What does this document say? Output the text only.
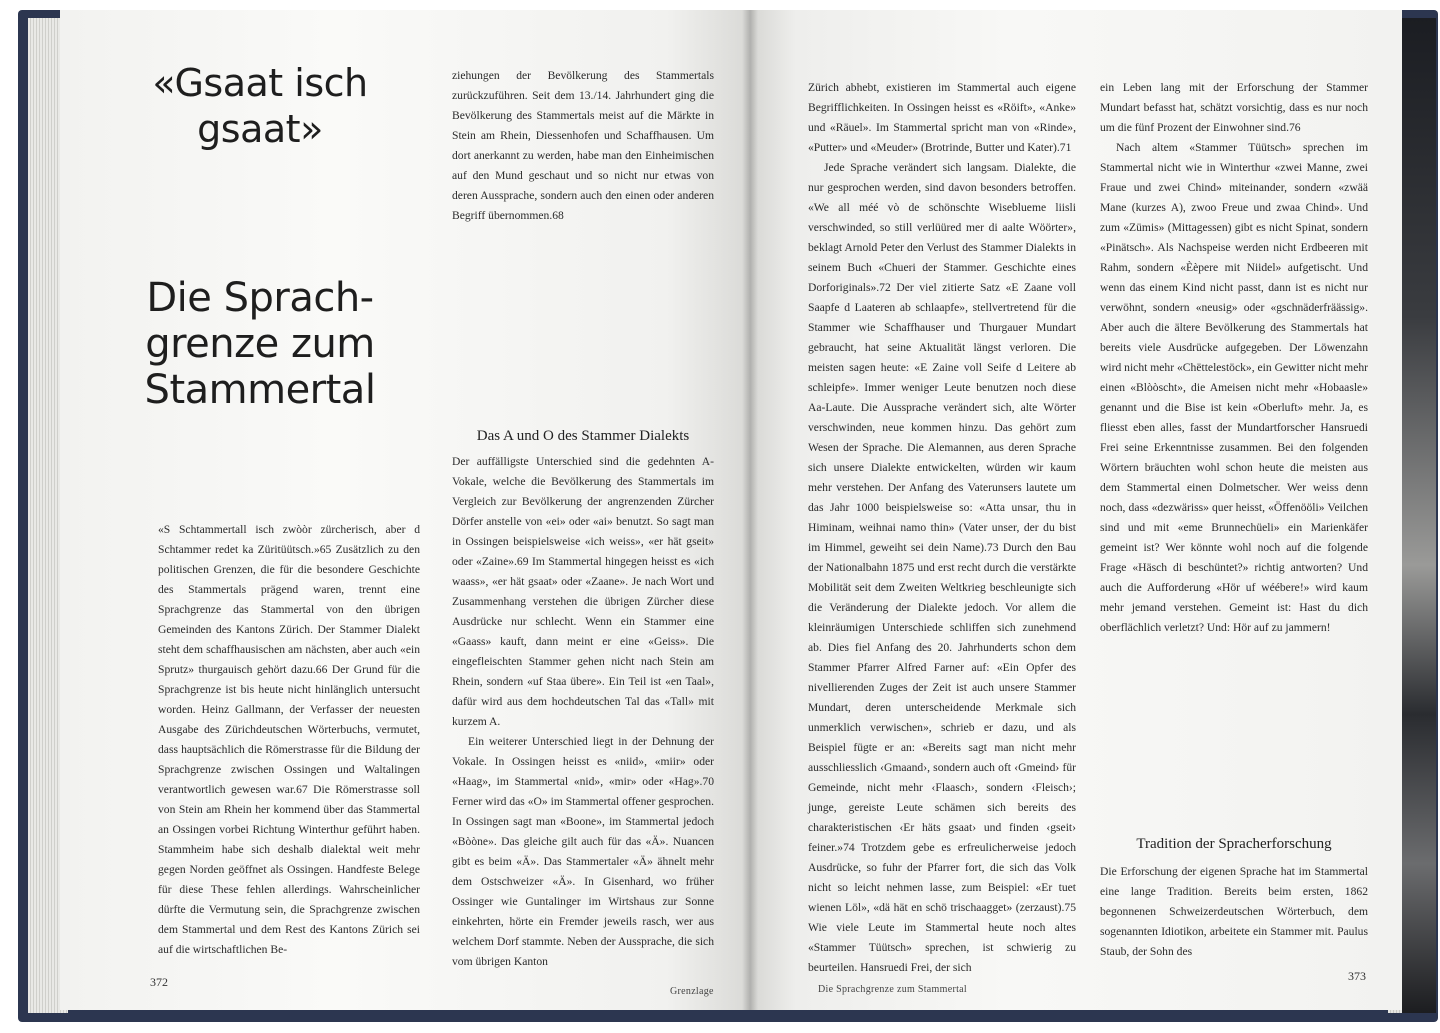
«Gsaat isch gsaat»
Die Sprach-grenze zum Stammertal

«S Schtammertall isch zwòòr zürcherisch, aber d Schtammer redet ka Züritüütsch.»65 Zusätzlich zu den politischen Grenzen, die für die besondere Geschichte des Stammertals prägend waren, trennt eine Sprachgrenze das Stammertal von den übrigen Gemeinden des Kantons Zürich. Der Stammer Dialekt steht dem schaffhausischen am nächsten, aber auch «ein Sprutz» thurgauisch gehört dazu.66 Der Grund für die Sprachgrenze ist bis heute nicht hinlänglich untersucht worden. Heinz Gallmann, der Verfasser der neuesten Ausgabe des Zürichdeutschen Wörterbuchs, vermutet, dass hauptsächlich die Römerstrasse für die Bildung der Sprachgrenze zwischen Ossingen und Waltalingen verantwortlich gewesen war.67 Die Römerstrasse soll von Stein am Rhein her kommend über das Stammertal an Ossingen vorbei Richtung Winterthur geführt haben. Stammheim habe sich deshalb dialektal weit mehr gegen Norden geöffnet als Ossingen. Handfeste Belege für diese These fehlen allerdings. Wahrscheinlicher dürfte die Vermutung sein, die Sprachgrenze zwischen dem Stammertal und dem Rest des Kantons Zürich sei auf die wirtschaftlichen Be-

ziehungen der Bevölkerung des Stammertals zurückzuführen. Seit dem 13./14. Jahrhundert ging die Bevölkerung des Stammertals meist auf die Märkte in Stein am Rhein, Diessenhofen und Schaffhausen. Um dort anerkannt zu werden, habe man den Einheimischen auf den Mund geschaut und so nicht nur etwas von deren Aussprache, sondern auch den einen oder anderen Begriff übernommen.68

Das A und O des Stammer Dialekts

Der auffälligste Unterschied sind die gedehnten A-Vokale, welche die Bevölkerung des Stammertals im Vergleich zur Bevölkerung der angrenzenden Zürcher Dörfer anstelle von «ei» oder «ai» benutzt. So sagt man in Ossingen beispielsweise «ich weiss», «er hät gseit» oder «Zaine».69 Im Stammertal hingegen heisst es «ich waass», «er hät gsaat» oder «Zaane». Je nach Wort und Zusammenhang verstehen die übrigen Zürcher diese Ausdrücke nur schlecht. Wenn ein Stammer eine «Gaass» kauft, dann meint er eine «Geiss». Die eingefleischten Stammer gehen nicht nach Stein am Rhein, sondern «uf Staa übere». Ein Teil ist «en Taal», dafür wird aus dem hochdeutschen Tal das «Tall» mit kurzem A.

Ein weiterer Unterschied liegt in der Dehnung der Vokale. In Ossingen heisst es «niid», «miir» oder «Haag», im Stammertal «nid», «mir» oder «Hag».70 Ferner wird das «O» im Stammertal offener gesprochen. In Ossingen sagt man «Boone», im Stammertal jedoch «Bòòne». Das gleiche gilt auch für das «Ä». Nuancen gibt es beim «Ä». Das Stammertaler «Ä» ähnelt mehr dem Ostschweizer «Ä». In Gisenhard, wo früher Ossinger wie Guntalinger im Wirtshaus zur Sonne einkehrten, hörte ein Fremder jeweils rasch, wer aus welchem Dorf stammte. Neben der Aussprache, die sich vom übrigen Kanton

372
Grenzlage

Zürich abhebt, existieren im Stammertal auch eigene Begrifflichkeiten. In Ossingen heisst es «Röift», «Anke» und «Räuel». Im Stammertal spricht man von «Rinde», «Putter» und «Meuder» (Brotrinde, Butter und Kater).71

Jede Sprache verändert sich langsam. Dialekte, die nur gesprochen werden, sind davon besonders betroffen. «We all méé vò de schönschte Wiseblueme liisli verschwinded, so still verlüüred mer di aalte Wöörter», beklagt Arnold Peter den Verlust des Stammer Dialekts in seinem Buch «Chueri der Stammer. Geschichte eines Dorforiginals».72 Der viel zitierte Satz «E Zaane voll Saapfe d Laateren ab schlaapfe», stellvertretend für die Stammer wie Schaffhauser und Thurgauer Mundart gebraucht, hat seine Aktualität längst verloren. Die meisten sagen heute: «E Zaine voll Seife d Leitere ab schleipfe». Immer weniger Leute benutzen noch diese Aa-Laute. Die Aussprache verändert sich, alte Wörter verschwinden, neue kommen hinzu. Das gehört zum Wesen der Sprache. Die Alemannen, aus deren Sprache sich unsere Dialekte entwickelten, würden wir kaum mehr verstehen. Der Anfang des Vaterunsers lautete um das Jahr 1000 beispielsweise so: «Atta unsar, thu in Himinam, weihnai namo thin» (Vater unser, der du bist im Himmel, geweiht sei dein Name).73 Durch den Bau der Nationalbahn 1875 und erst recht durch die verstärkte Mobilität seit dem Zweiten Weltkrieg beschleunigte sich die Veränderung der Dialekte jedoch. Vor allem die kleinräumigen Unterschiede schliffen sich zunehmend ab. Dies fiel Anfang des 20. Jahrhunderts schon dem Stammer Pfarrer Alfred Farner auf: «Ein Opfer des nivellierenden Zuges der Zeit ist auch unsere Stammer Mundart, deren unterscheidende Merkmale sich unmerklich verwischen», schrieb er dazu, und als Beispiel fügte er an: «Bereits sagt man nicht mehr ausschliesslich ‹Gmaand›, sondern auch oft ‹Gmeind› für Gemeinde, nicht mehr ‹Flaasch›, sondern ‹Fleisch›; junge, gereiste Leute schämen sich bereits des charakteristischen ‹Er häts gsaat› und finden ‹gseit› feiner.»74 Trotzdem gebe es erfreulicherweise jedoch Ausdrücke, so fuhr der Pfarrer fort, die sich das Volk nicht so leicht nehmen lasse, zum Beispiel: «Er tuet wienen Löl», «dä hät en schö trischaagget» (zerzaust).75 Wie viele Leute im Stammertal heute noch altes «Stammer Tüütsch» sprechen, ist schwierig zu beurteilen. Hansruedi Frei, der sich

ein Leben lang mit der Erforschung der Stammer Mundart befasst hat, schätzt vorsichtig, dass es nur noch um die fünf Prozent der Einwohner sind.76

Nach altem «Stammer Tüütsch» sprechen im Stammertal nicht wie in Winterthur «zwei Manne, zwei Fraue und zwei Chind» miteinander, sondern «zwää Mane (kurzes A), zwoo Freue und zwaa Chind». Und zum «Zümis» (Mittagessen) gibt es nicht Spinat, sondern «Pinätsch». Als Nachspeise werden nicht Erdbeeren mit Rahm, sondern «Èèpere mit Niidel» aufgetischt. Und wenn das einem Kind nicht passt, dann ist es nicht nur verwöhnt, sondern «neusig» oder «gschnäderfräässig». Aber auch die ältere Bevölkerung des Stammertals hat bereits viele Ausdrücke aufgegeben. Der Löwenzahn wird nicht mehr «Chëttelestöck», ein Gewitter nicht mehr einen «Blòòscht», die Ameisen nicht mehr «Hobaasle» genannt und die Bise ist kein «Oberluft» mehr. Ja, es fliesst eben alles, fasst der Mundartforscher Hansruedi Frei seine Erkenntnisse zusammen. Bei den folgenden Wörtern bräuchten wohl schon heute die meisten aus dem Stammertal einen Dolmetscher. Wer weiss denn noch, dass «dezwäriss» quer heisst, «Öffenööli» Veilchen sind und mit «eme Brunnechüeli» ein Marienkäfer gemeint ist? Wer könnte wohl noch auf die folgende Frage «Häsch di beschüntet?» richtig antworten? Und auch die Aufforderung «Hör uf wéébere!» wird kaum mehr jemand verstehen. Gemeint ist: Hast du dich oberflächlich verletzt? Und: Hör auf zu jammern!

Tradition der Spracherforschung

Die Erforschung der eigenen Sprache hat im Stammertal eine lange Tradition. Bereits beim ersten, 1862 begonnenen Schweizerdeutschen Wörterbuch, dem sogenannten Idiotikon, arbeitete ein Stammer mit. Paulus Staub, der Sohn des

Die Sprachgrenze zum Stammertal
373
